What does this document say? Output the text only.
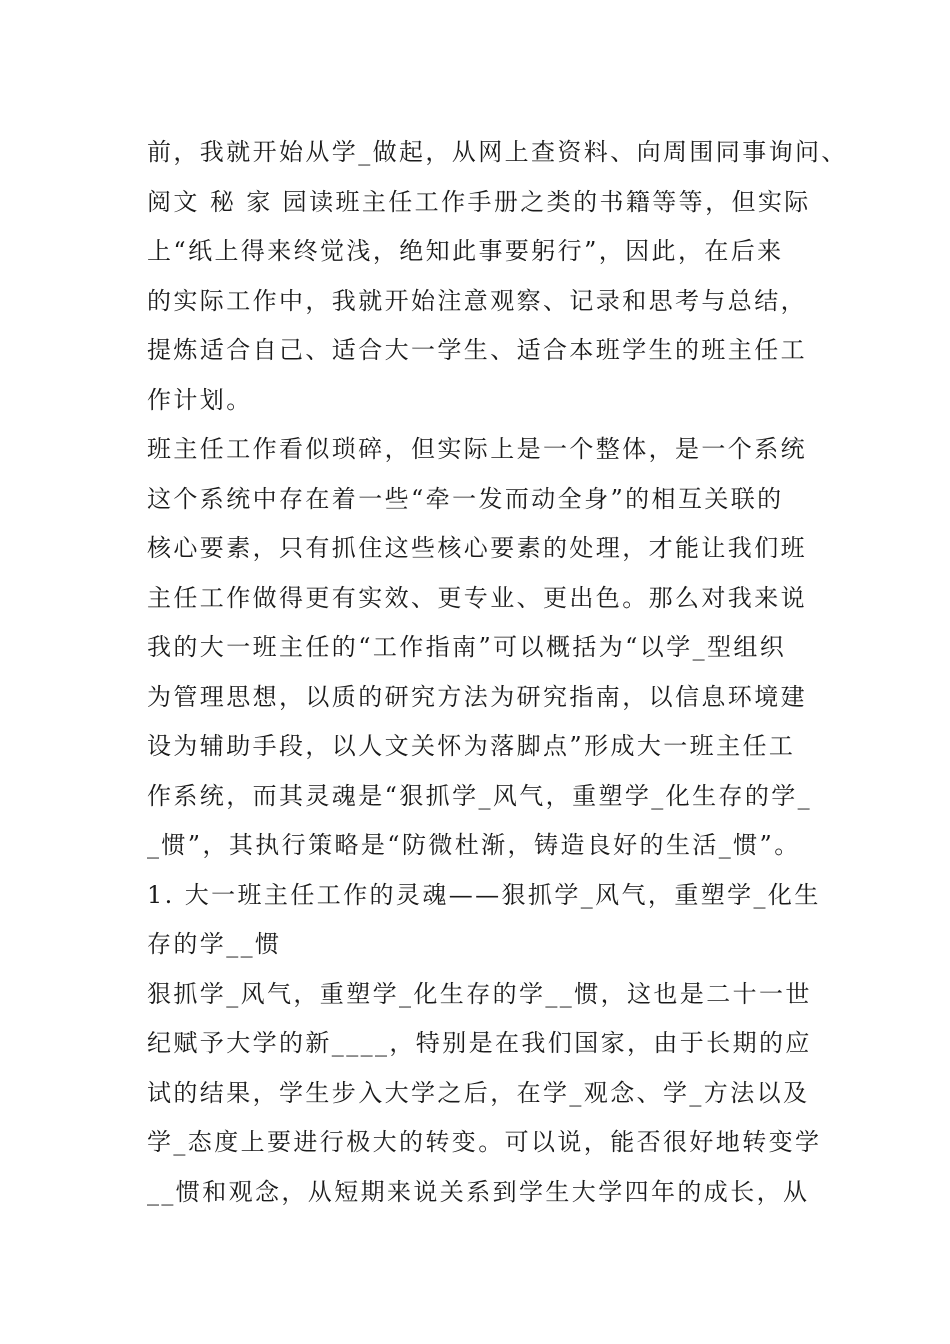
前，我就开始从学_做起，从网上查资料、向周围同事询问、
阅文 秘 家 园读班主任工作手册之类的书籍等等，但实际
上“纸上得来终觉浅，绝知此事要躬行”，因此，在后来
的实际工作中，我就开始注意观察、记录和思考与总结，
提炼适合自己、适合大一学生、适合本班学生的班主任工
作计划。
班主任工作看似琐碎，但实际上是一个整体，是一个系统
这个系统中存在着一些“牵一发而动全身”的相互关联的
核心要素，只有抓住这些核心要素的处理，才能让我们班
主任工作做得更有实效、更专业、更出色。那么对我来说
我的大一班主任的“工作指南”可以概括为“以学_型组织
为管理思想，以质的研究方法为研究指南，以信息环境建
设为辅助手段，以人文关怀为落脚点”形成大一班主任工
作系统，而其灵魂是“狠抓学_风气，重塑学_化生存的学_
_惯”，其执行策略是“防微杜渐，铸造良好的生活_惯”。
1. 大一班主任工作的灵魂——狠抓学_风气，重塑学_化生
存的学__惯
狠抓学_风气，重塑学_化生存的学__惯，这也是二十一世
纪赋予大学的新____，特别是在我们国家，由于长期的应
试的结果，学生步入大学之后，在学_观念、学_方法以及
学_态度上要进行极大的转变。可以说，能否很好地转变学
__惯和观念，从短期来说关系到学生大学四年的成长，从
